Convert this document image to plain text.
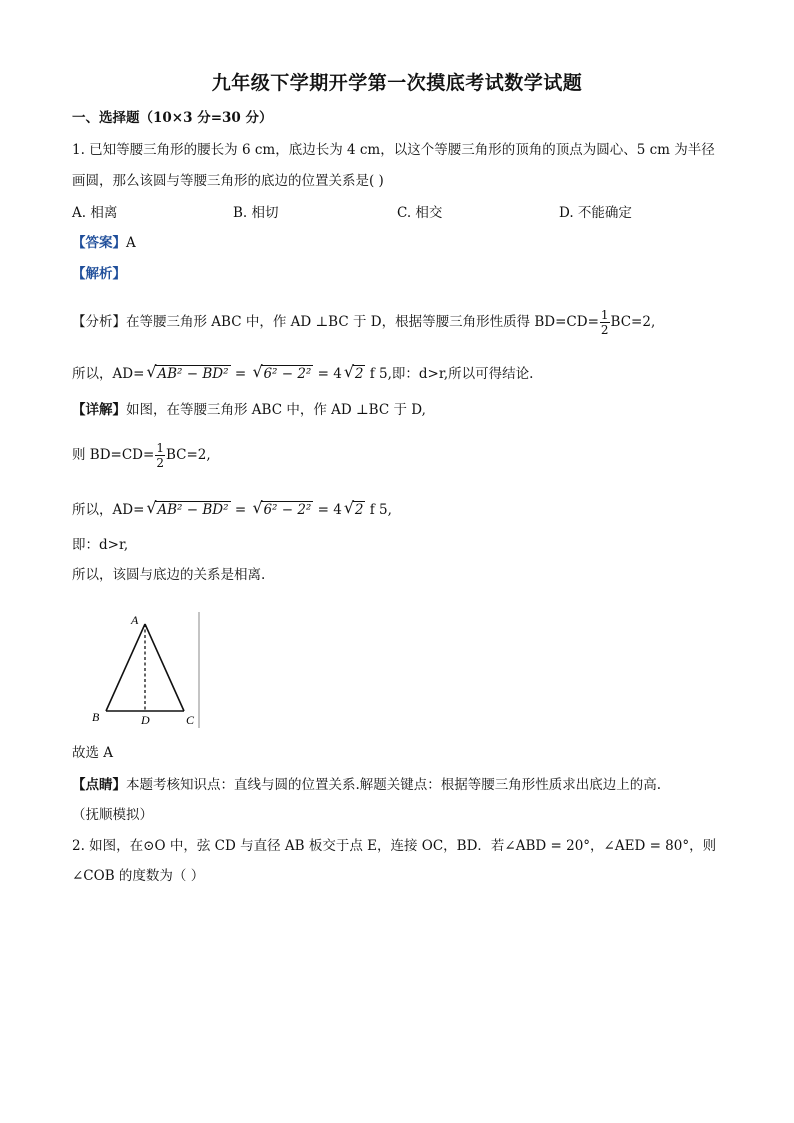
九年级下学期开学第一次摸底考试数学试题
一、选择题（10×3 分=30 分）
1. 已知等腰三角形的腰长为 6 cm，底边长为 4 cm，以这个等腰三角形的顶角的顶点为圆心、5 cm 为半径
画圆，那么该圆与等腰三角形的底边的位置关系是( )
A. 相离	B. 相切	C. 相交	D. 不能确定
【答案】A
【解析】
【分析】在等腰三角形 ABC 中，作 AD ⊥BC 于 D，根据等腰三角形性质得 $BD=CD= \frac{1}{2} BC=2$,
所以，AD= √ AB² − BD² = √ 6² − 2² = 4 √ 2 f 5,即：d>r,所以可得结论.
【详解】如图，在等腰三角形 ABC 中，作 AD ⊥BC 于 D,
则 $BD=CD= \frac{1}{2} BC=2$,
所以，AD= √ AB² − BD² = √ 6² − 2² = 4 √ 2 f 5,
即：d>r,
所以，该圆与底边的关系是相离.
A
B	C
D
故选 A
【点睛】本题考核知识点：直线与圆的位置关系.解题关键点：根据等腰三角形性质求出底边上的高.
（抚顺模拟）
2. 如图，在⊙O 中，弦 CD 与直径 AB 板交于点 E，连接 OC，BD．若∠ABD = 20°，∠AED = 80°，则
∠COB 的度数为（ ）
